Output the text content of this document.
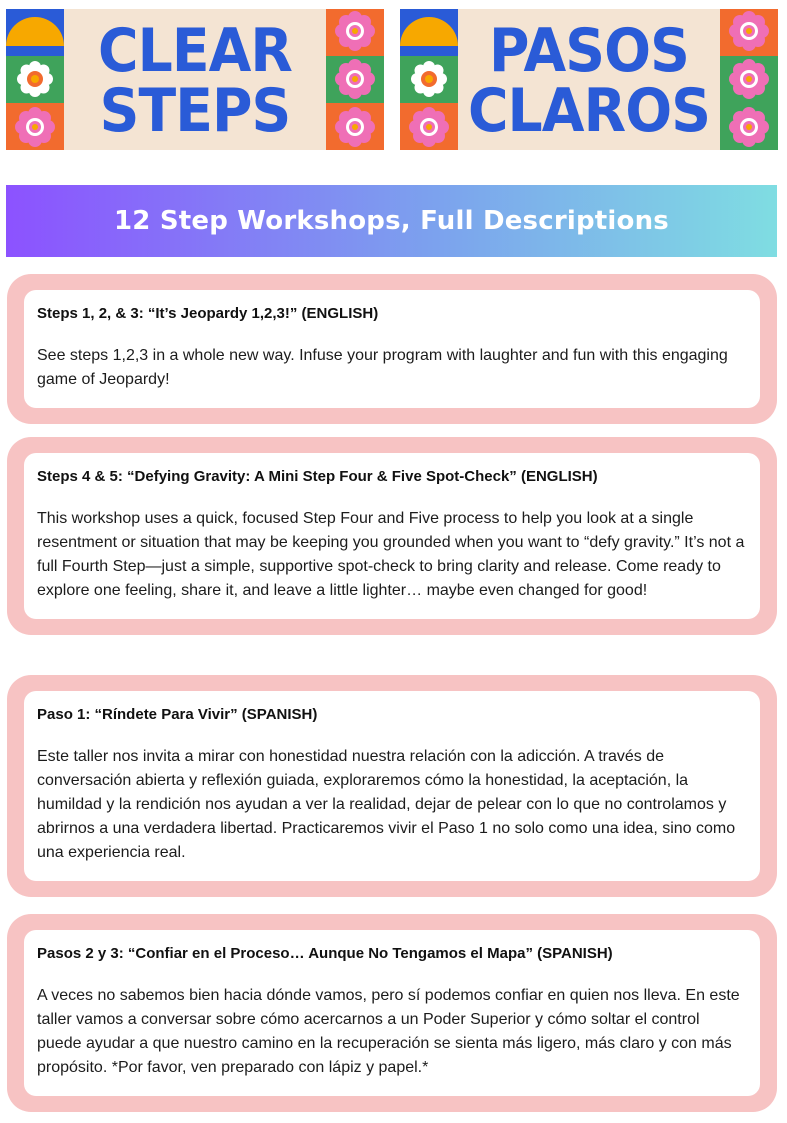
CLEAR
STEPS
PASOS
CLAROS
12 Step Workshops, Full Descriptions
Steps 1, 2, & 3: “It’s Jeopardy 1,2,3!” (ENGLISH)
See steps 1,2,3 in a whole new way. Infuse your program with laughter and fun with this engaging game of Jeopardy!
Steps 4 & 5: “Defying Gravity: A Mini Step Four & Five Spot-Check” (ENGLISH)
This workshop uses a quick, focused Step Four and Five process to help you look at a single resentment or situation that may be keeping you grounded when you want to “defy gravity.” It’s not a full Fourth Step—just a simple, supportive spot-check to bring clarity and release. Come ready to explore one feeling, share it, and leave a little lighter… maybe even changed for good!
Paso 1: “Ríndete Para Vivir” (SPANISH)
Este taller nos invita a mirar con honestidad nuestra relación con la adicción. A través de conversación abierta y reflexión guiada, exploraremos cómo la honestidad, la aceptación, la humildad y la rendición nos ayudan a ver la realidad, dejar de pelear con lo que no controlamos y abrirnos a una verdadera libertad. Practicaremos vivir el Paso 1 no solo como una idea, sino como una experiencia real.
Pasos 2 y 3: “Confiar en el Proceso… Aunque No Tengamos el Mapa” (SPANISH)
A veces no sabemos bien hacia dónde vamos, pero sí podemos confiar en quien nos lleva. En este taller vamos a conversar sobre cómo acercarnos a un Poder Superior y cómo soltar el control puede ayudar a que nuestro camino en la recuperación se sienta más ligero, más claro y con más propósito. *Por favor, ven preparado con lápiz y papel.*
